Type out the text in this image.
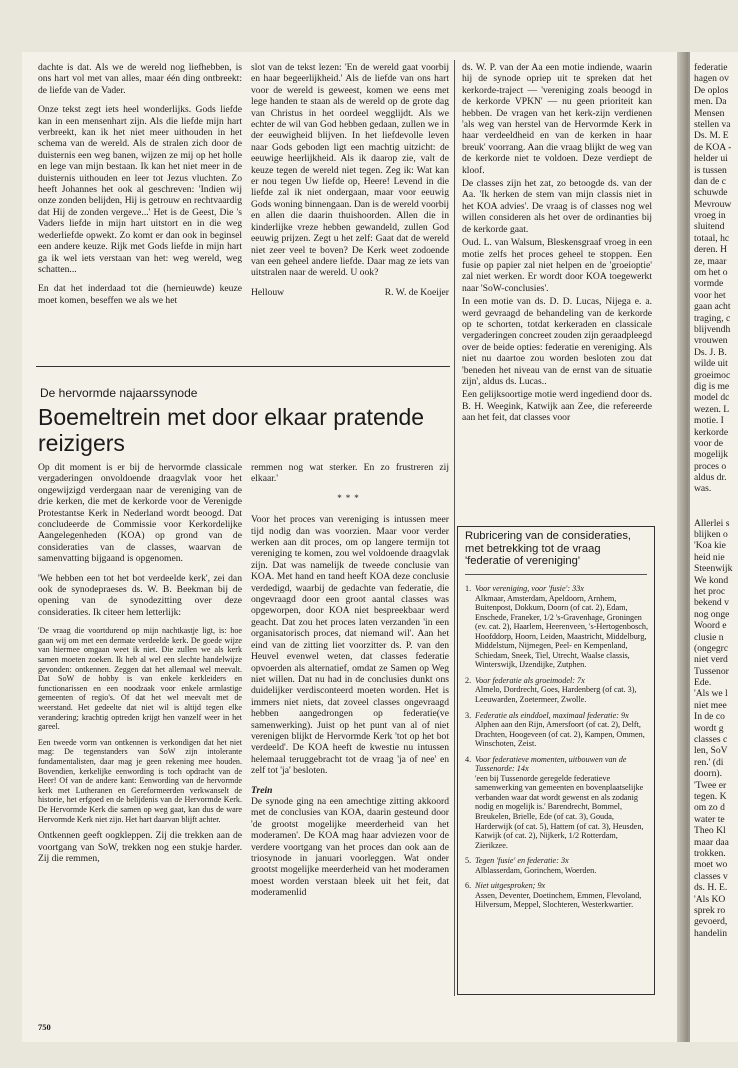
dachte is dat. Als we de wereld nog liefhebben, is ons hart vol met van alles, maar één ding ontbreekt: de liefde van de Vader.

Onze tekst zegt iets heel wonderlijks. Gods liefde kan in een mensenhart zijn. Als die liefde mijn hart verbreekt, kan ik het niet meer uithouden in het schema van de wereld. Als de stralen zich door de duisternis een weg banen, wijzen ze mij op het holle en lege van mijn bestaan. Ik kan het niet meer in de duisternis uithouden en leer tot Jezus vluchten. Zo heeft Johannes het ook al geschreven: 'Indien wij onze zonden belijden, Hij is getrouw en rechtvaardig dat Hij de zonden vergeve...' Het is de Geest, Die 's Vaders liefde in mijn hart uitstort en in die weg wederliefde opwekt. Zo komt er dan ook in beginsel een andere keuze. Rijk met Gods liefde in mijn hart ga ik wel iets verstaan van het: weg wereld, weg schatten...

En dat het inderdaad tot die (hernieuwde) keuze moet komen, beseffen we als we het

slot van de tekst lezen: 'En de wereld gaat voorbij en haar begeerlijkheid.' Als de liefde van ons hart voor de wereld is geweest, komen we eens met lege handen te staan als de wereld op de grote dag van Christus in het oordeel wegglijdt. Als we echter de wil van God hebben gedaan, zullen we in der eeuwigheid blijven. In het liefdevolle leven naar Gods geboden ligt een machtig uitzicht: de eeuwige heerlijkheid. Als ik daarop zie, valt de keuze tegen de wereld niet tegen. Zeg ik: Wat kan er nou tegen Uw liefde op, Heere! Levend in die liefde zal ik niet ondergaan, maar voor eeuwig Gods woning binnengaan. Dan is de wereld voorbij en allen die daarin thuishoorden. Allen die in kinderlijke vreze hebben gewandeld, zullen God eeuwig prijzen. Zegt u het zelf: Gaat dat de wereld niet zeer veel te boven? De Kerk weet zodoende van een geheel andere liefde. Daar mag ze iets van uitstralen naar de wereld. U ook?

Hellouw	R. W. de Koeijer
De hervormde najaarssynode
Boemeltrein met door elkaar pratende reizigers

Op dit moment is er bij de hervormde classicale vergaderingen onvoldoende draagvlak voor het ongewijzigd verdergaan naar de vereniging van de drie kerken, die met de kerkorde voor de Verenigde Protestantse Kerk in Nederland wordt beoogd. Dat concludeerde de Commissie voor Kerkordelijke Aangelegenheden (KOA) op grond van de consideraties van de classes, waarvan de samenvatting bijgaand is opgenomen.

'We hebben een tot het bot verdeelde kerk', zei dan ook de synodepraeses ds. W. B. Beekman bij de opening van de synodezitting over deze consideraties. Ik citeer hem letterlijk:

'De vraag die voortdurend op mijn nachtkastje ligt, is: hoe gaan wij om met een dermate verdeelde kerk. De goede wijze van hiermee omgaan weet ik niet. Die zullen we als kerk samen moeten zoeken. Ik heb al wel een slechte handelwijze gevonden: ontkennen. Zeggen dat het allemaal wel meevalt. Dat SoW de hobby is van enkele kerkleiders en functionarissen en een noodzaak voor enkele armlastige gemeenten of regio's. Of dat het wel meevalt met de weerstand. Het gedeelte dat niet wil is altijd tegen elke verandering; krachtig optreden krijgt hen vanzelf weer in het gareel.

Een tweede vorm van ontkennen is verkondigen dat het niet mag: De tegenstanders van SoW zijn intolerante fundamentalisten, daar mag je geen rekening mee houden. Bovendien, kerkelijke eenwording is toch opdracht van de Heer! Of van de andere kant: Eenwording van de hervormde kerk met Lutheranen en Gereformeerden verkwanselt de historie, het erfgoed en de belijdenis van de Hervormde Kerk. De Hervormde Kerk die samen op weg gaat, kan dus de ware Hervormde Kerk niet zijn. Het hart daarvan blijft achter.

Ontkennen geeft oogkleppen. Zij die trekken aan de voortgang van SoW, trekken nog een stukje harder. Zij die remmen,

remmen nog wat sterker. En zo frustreren zij elkaar.'

***

Voor het proces van vereniging is intussen meer tijd nodig dan was voorzien. Maar voor verder werken aan dit proces, om op langere termijn tot vereniging te komen, zou wel voldoende draagvlak zijn. Dat was namelijk de tweede conclusie van KOA. Met hand en tand heeft KOA deze conclusie verdedigd, waarbij de gedachte van federatie, die ongevraagd door een groot aantal classes was opgeworpen, door KOA niet bespreekbaar werd geacht. Dat zou het proces laten verzanden 'in een organisatorisch proces, dat niemand wil'. Aan het eind van de zitting liet voorzitter ds. P. van den Heuvel evenwel weten, dat classes federatie opvoerden als alternatief, omdat ze Samen op Weg niet willen. Dat nu had in de conclusies dunkt ons duidelijker verdisconteerd moeten worden. Het is immers niet niets, dat zoveel classes ongevraagd hebben aangedrongen op federatie(ve samenwerking). Juist op het punt van al of niet verenigen blijkt de Hervormde Kerk 'tot op het bot verdeeld'. De KOA heeft de kwestie nu intussen helemaal teruggebracht tot de vraag 'ja of nee' en zelf tot 'ja' besloten.

Trein

De synode ging na een amechtige zitting akkoord met de conclusies van KOA, daarin gesteund door 'de grootst mogelijke meerderheid van het moderamen'. De KOA mag haar adviezen voor de verdere voortgang van het proces dan ook aan de triosynode in januari voorleggen. Wat onder grootst mogelijke meerderheid van het moderamen moest worden verstaan bleek uit het feit, dat moderamenlid

ds. W. P. van der Aa een motie indiende, waarin hij de synode opriep uit te spreken dat het kerkorde-traject — 'vereniging zoals beoogd in de kerkorde VPKN' — nu geen prioriteit kan hebben. De vragen van het kerk-zijn verdienen 'als weg van herstel van de Hervormde Kerk in haar verdeeldheid en van de kerken in haar breuk' voorrang. Aan die vraag blijkt de weg van de kerkorde niet te voldoen. Deze verdiept de kloof.

De classes zijn het zat, zo betoogde ds. van der Aa. 'Ik herken de stem van mijn classis niet in het KOA advies'. De vraag is of classes nog wel willen consideren als het over de ordinanties bij de kerkorde gaat.

Oud. L. van Walsum, Bleskensgraaf vroeg in een motie zelfs het proces geheel te stoppen. Een fusie op papier zal niet helpen en de 'groeioptie' zal niet werken. Er wordt door KOA toegewerkt naar 'SoW-conclusies'.

In een motie van ds. D. D. Lucas, Nijega e. a. werd gevraagd de behandeling van de kerkorde op te schorten, totdat kerkeraden en classicale vergaderingen concreet zouden zijn geraadpleegd over de beide opties: federatie en vereniging. Als niet nu daartoe zou worden besloten zou dat 'beneden het niveau van de ernst van de situatie zijn', aldus ds. Lucas..

Een gelijksoortige motie werd ingediend door ds. B. H. Weegink, Katwijk aan Zee, die refereerde aan het feit, dat classes voor

Rubricering van de consideraties, met betrekking tot de vraag 'federatie of vereniging'
1. Voor vereniging, voor 'fusie': 33x
Alkmaar, Amsterdam, Apeldoorn, Arnhem, Buitenpost, Dokkum, Doorn (of cat. 2), Edam, Enschede, Franeker, 1/2 's-Gravenhage, Groningen (ev. cat. 2), Haarlem, Heerenveen, 's-Hertogenbosch, Hoofddorp, Hoorn, Leiden, Maastricht, Middelburg, Middelstum, Nijmegen, Peel- en Kempenland, Schiedam, Sneek, Tiel, Utrecht, Waalse classis, Winterswijk, IJzendijke, Zutphen.
2. Voor federatie als groeimodel: 7x
Almelo, Dordrecht, Goes, Hardenberg (of cat. 3), Leeuwarden, Zoetermeer, Zwolle.
3. Federatie als einddoel, maximaal federatie: 9x
Alphen aan den Rijn, Amersfoort (of cat. 2), Delft, Drachten, Hoogeveen (of cat. 2), Kampen, Ommen, Winschoten, Zeist.
4. Voor federatieve momenten, uitbouwen van de Tussenorde: 14x
'een bij Tussenorde geregelde federatieve samenwerking van gemeenten en bovenplaatselijke verbanden waar dat wordt gewenst en als zodanig nodig en mogelijk is.' Barendrecht, Bommel, Breukelen, Brielle, Ede (of cat. 3), Gouda, Harderwijk (of cat. 5), Hattem (of cat. 3), Heusden, Katwijk (of cat. 2), Nijkerk, 1/2 Rotterdam, Zierikzee.
5. Tegen 'fusie' en federatie: 3x
Alblasserdam, Gorinchem, Woerden.
6. Niet uitgesproken; 9x
Assen, Deventer, Doetinchem, Emmen, Flevoland, Hilversum, Meppel, Slochteren, Westerkwartier.
750
federatie
hagen ov
De oplos
men. Da
Mensen
stellen va
Ds. M. E
de KOA -
helder ui
is tussen
dan de c
schuwde
Mevrouw
vroeg in
sluitend
totaal, hc
deren. H
ze, maar
om het o
vormde
voor het
gaan acht
traging, c
blijvendh
vrouwen
Ds. J. B.
wilde uit
groeimoc
dig is me
model dc
wezen. L
motie. I
kerkorde
voor de
mogelijk
proces o
aldus dr.
was.
Allerlei s
blijken o
'Koa kie
heid nie
Steenwijk
We kond
het proc
bekend v
nog onge
Woord e
clusie n
(ongegrc
niet verd
Tussenor
Ede.
'Als we l
niet mee
In de co
wordt g
classes c
len, SoV
ren.' (di
doorn).
'Twee er
tegen. K
om zo d
water te
Theo Kl
maar daa
trokken.
moet wo
classes v
ds. H. E.
'Als KO
sprek ro
gevoerd,
handelin
